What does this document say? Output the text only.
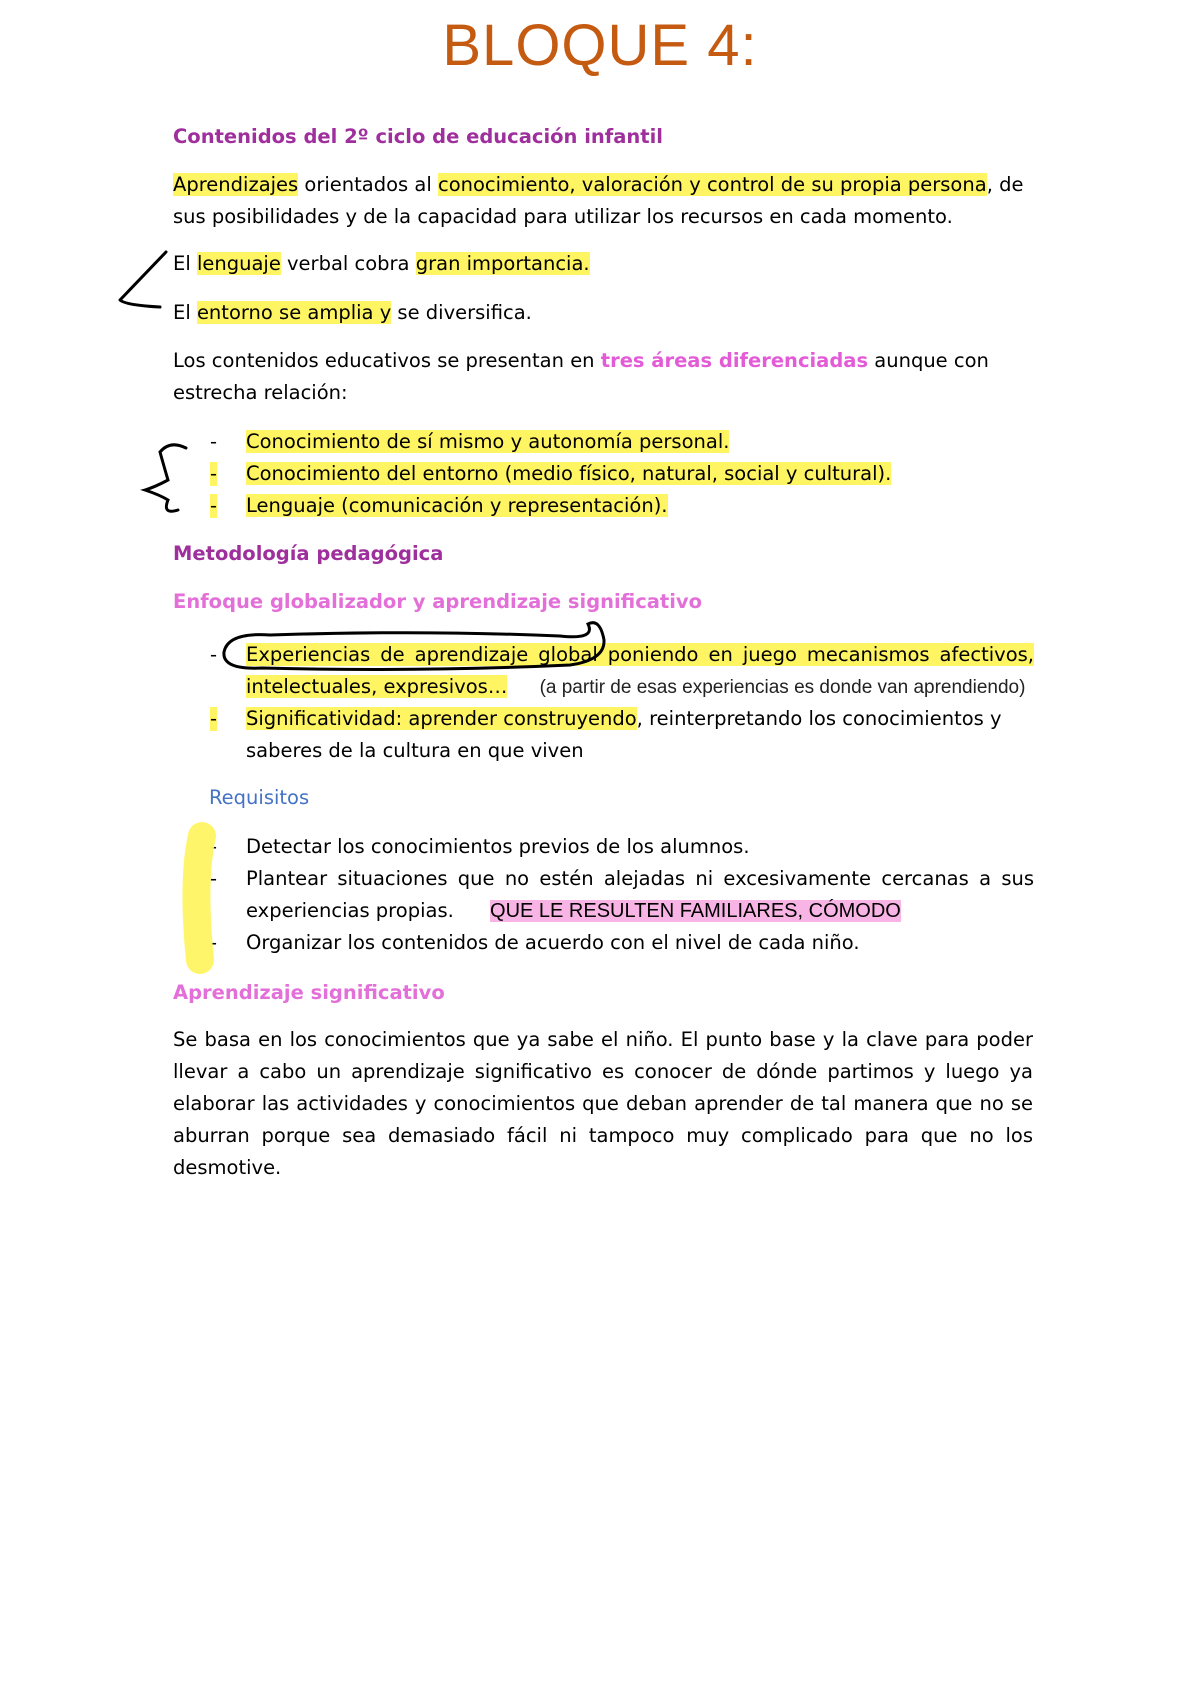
BLOQUE 4:
Contenidos del 2º ciclo de educación infantil
Aprendizajes orientados al conocimiento, valoración y control de su propia persona, de
sus posibilidades y de la capacidad para utilizar los recursos en cada momento.
El lenguaje verbal cobra gran importancia.
El entorno se amplia y se diversifica.
Los contenidos educativos se presentan en tres áreas diferenciadas aunque con
estrecha relación:
- Conocimiento de sí mismo y autonomía personal.
- Conocimiento del entorno (medio físico, natural, social y cultural).
- Lenguaje (comunicación y representación).
Metodología pedagógica
Enfoque globalizador y aprendizaje significativo
- Experiencias de aprendizaje global poniendo en juego mecanismos afectivos,
intelectuales, expresivos… (a partir de esas experiencias es donde van aprendiendo)
- Significatividad: aprender construyendo, reinterpretando los conocimientos y
saberes de la cultura en que viven
Requisitos
- Detectar los conocimientos previos de los alumnos.
- Plantear situaciones que no estén alejadas ni excesivamente cercanas a sus
experiencias propias. QUE LE RESULTEN FAMILIARES, CÓMODO
- Organizar los contenidos de acuerdo con el nivel de cada niño.
Aprendizaje significativo
Se basa en los conocimientos que ya sabe el niño. El punto base y la clave para poder
llevar a cabo un aprendizaje significativo es conocer de dónde partimos y luego ya
elaborar las actividades y conocimientos que deban aprender de tal manera que no se
aburran porque sea demasiado fácil ni tampoco muy complicado para que no los
desmotive.
